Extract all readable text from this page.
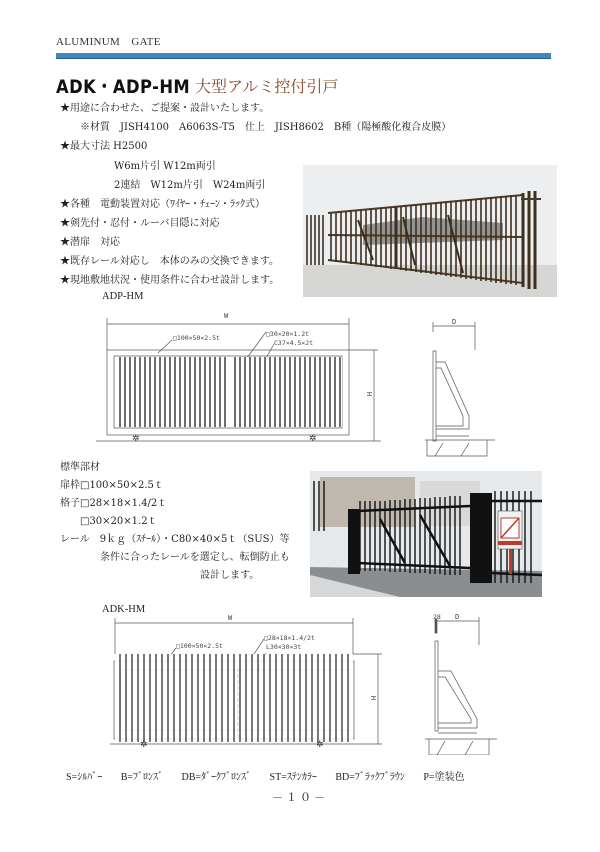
ALUMINUM　GATE
ADK・ADP-HM 大型アルミ控付引戸
★用途に合わせた、ご提案・設計いたします。
※材質　JISH4100　A6063S-T5　仕上　JISH8602　B種（陽極酸化複合皮膜）
★最大寸法 H2500
W6m片引 W12m両引
2連結　W12m片引　W24m両引
★各種　電動装置対応（ﾜｲﾔｰ・ﾁｪｰﾝ・ﾗｯｸ式）
★剣先付・忍付・ルーバ目隠に対応
★潜扉　対応
★既存レール対応し　本体のみの交換できます。
★現地敷地状況・使用条件に合わせ設計します。
ADP-HM
W
H
□100×50×2.5t	□30×20×1.2t
C37×4.5×2t
✲	✲
D
標準部材
扉枠□100×50×2.5ｔ
格子□28×18×1.4/2ｔ
　　□30×20×1.2ｔ
レール　9ｋｇ（ｽﾁｰﾙ）・C80×40×5ｔ（SUS）等
　　　　条件に合ったレールを選定し、転倒防止も
　　　　　　　　　　　　　　設計します。
ADK-HM
W
H
□100×50×2.5t
□28×18×1.4/2t
L30×30×3t
✲	✲
28 D
S=ｼﾙﾊﾞｰ B=ﾌﾞﾛﾝｽﾞ DB=ﾀﾞｰｸﾌﾞﾛﾝｽﾞ ST=ｽﾃﾝｶﾗｰ BD=ﾌﾞﾗｯｸﾌﾞﾗｳﾝ P=塗装色
－１０－
